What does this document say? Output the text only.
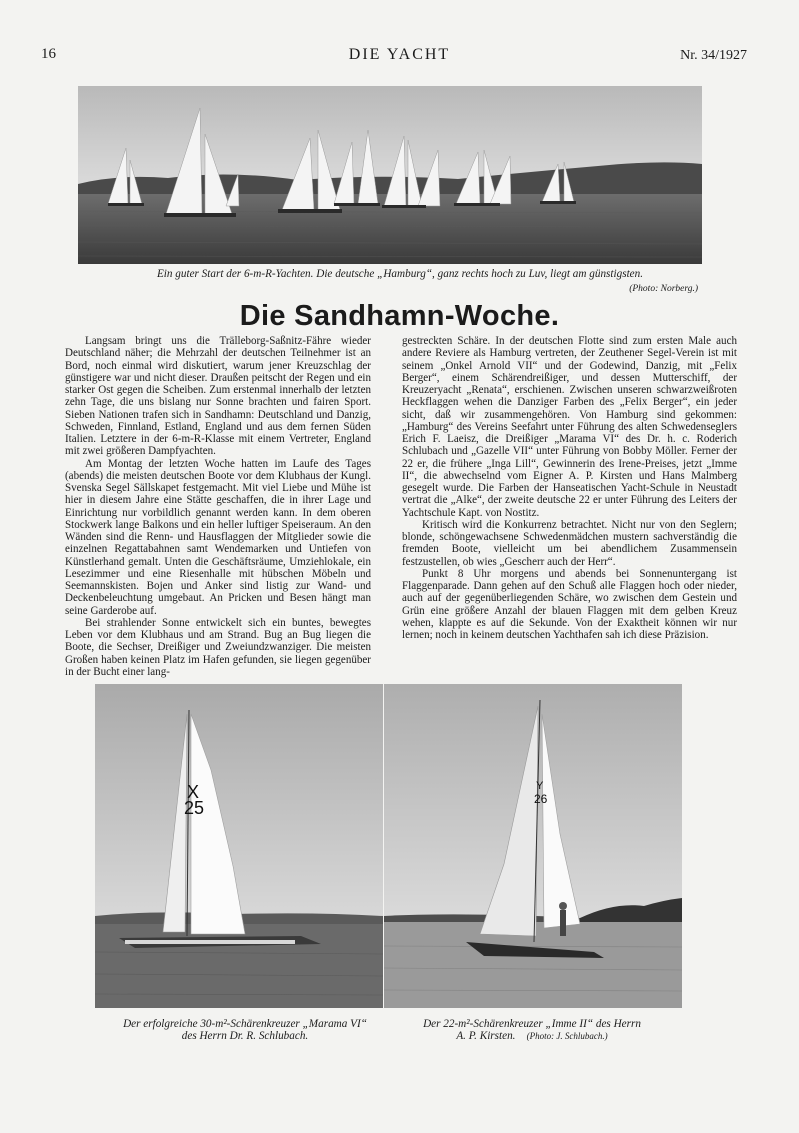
16	DIE YACHT	Nr. 34/1927
Ein guter Start der 6-m-R-Yachten. Die deutsche „Hamburg“, ganz rechts hoch zu Luv, liegt am günstigsten.
(Photo: Norberg.)
Die Sandhamn-Woche.

Langsam bringt uns die Trälleborg-Saßnitz-Fähre wieder Deutschland näher; die Mehrzahl der deutschen Teilnehmer ist an Bord, noch einmal wird diskutiert, warum jener Kreuzschlag der günstigere war und nicht dieser. Draußen peitscht der Regen und ein starker Ost gegen die Scheiben. Zum erstenmal innerhalb der letzten zehn Tage, die uns bislang nur Sonne brachten und fairen Sport. Sieben Nationen trafen sich in Sandhamn: Deutschland und Danzig, Schweden, Finnland, Estland, England und aus dem fernen Süden Italien. Letztere in der 6-m-R-Klasse mit einem Vertreter, England mit zwei größeren Dampfyachten.

Am Montag der letzten Woche hatten im Laufe des Tages (abends) die meisten deutschen Boote vor dem Klubhaus der Kungl. Svenska Segel Sällskapet festgemacht. Mit viel Liebe und Mühe ist hier in diesem Jahre eine Stätte geschaffen, die in ihrer Lage und Einrichtung nur vorbildlich genannt werden kann. In dem oberen Stockwerk lange Balkons und ein heller luftiger Speiseraum. An den Wänden sind die Renn- und Hausflaggen der Mitglieder sowie die einzelnen Regattabahnen samt Wendemarken und Untiefen von Künstlerhand gemalt. Unten die Geschäftsräume, Umziehlokale, ein Lesezimmer und eine Riesenhalle mit hübschen Möbeln und Seemannskisten. Bojen und Anker sind listig zur Wand- und Deckenbeleuchtung umgebaut. An Pricken und Besen hängt man seine Garderobe auf.

Bei strahlender Sonne entwickelt sich ein buntes, bewegtes Leben vor dem Klubhaus und am Strand. Bug an Bug liegen die Boote, die Sechser, Dreißiger und Zweiundzwanziger. Die meisten Großen haben keinen Platz im Hafen gefunden, sie liegen gegenüber in der Bucht einer lang-

gestreckten Schäre. In der deutschen Flotte sind zum ersten Male auch andere Reviere als Hamburg vertreten, der Zeuthener Segel-Verein ist mit seinem „Onkel Arnold VII“ und der Godewind, Danzig, mit „Felix Berger“, einem Schärendreißiger, und dessen Mutterschiff, der Kreuzeryacht „Renata“, erschienen. Zwischen unseren schwarzweißroten Heckflaggen wehen die Danziger Farben des „Felix Berger“, ein jeder sicht, daß wir zusammengehören. Von Hamburg sind gekommen: „Hamburg“ des Vereins Seefahrt unter Führung des alten Schwedenseglers Erich F. Laeisz, die Dreißiger „Marama VI“ des Dr. h. c. Roderich Schlubach und „Gazelle VII“ unter Führung von Bobby Möller. Ferner der 22 er, die frühere „Inga Lill“, Gewinnerin des Irene-Preises, jetzt „Imme II“, die abwechselnd vom Eigner A. P. Kirsten und Hans Malmberg gesegelt wurde. Die Farben der Hanseatischen Yacht-Schule in Neustadt vertrat die „Alke“, der zweite deutsche 22 er unter Führung des Leiters der Yachtschule Kapt. von Nostitz.

Kritisch wird die Konkurrenz betrachtet. Nicht nur von den Seglern; blonde, schöngewachsene Schwedenmädchen mustern sachverständig die fremden Boote, vielleicht um bei abendlichem Zusammensein festzustellen, ob wies „Gescherr auch der Herr“.

Punkt 8 Uhr morgens und abends bei Sonnenuntergang ist Flaggenparade. Dann gehen auf den Schuß alle Flaggen hoch oder nieder, auch auf der gegenüberliegenden Schäre, wo zwischen dem Gestein und Grün eine größere Anzahl der blauen Flaggen mit dem gelben Kreuz wehen, klappte es auf die Sekunde. Von der Exaktheit können wir nur lernen; noch in keinem deutschen Yachthafen sah ich diese Präzision.

X
25
Y
26
Der erfolgreiche 30-m²-Schärenkreuzer „Marama VI“
des Herrn Dr. R. Schlubach.
Der 22-m²-Schärenkreuzer „Imme II“ des Herrn
A. P. Kirsten. (Photo: J. Schlubach.)
